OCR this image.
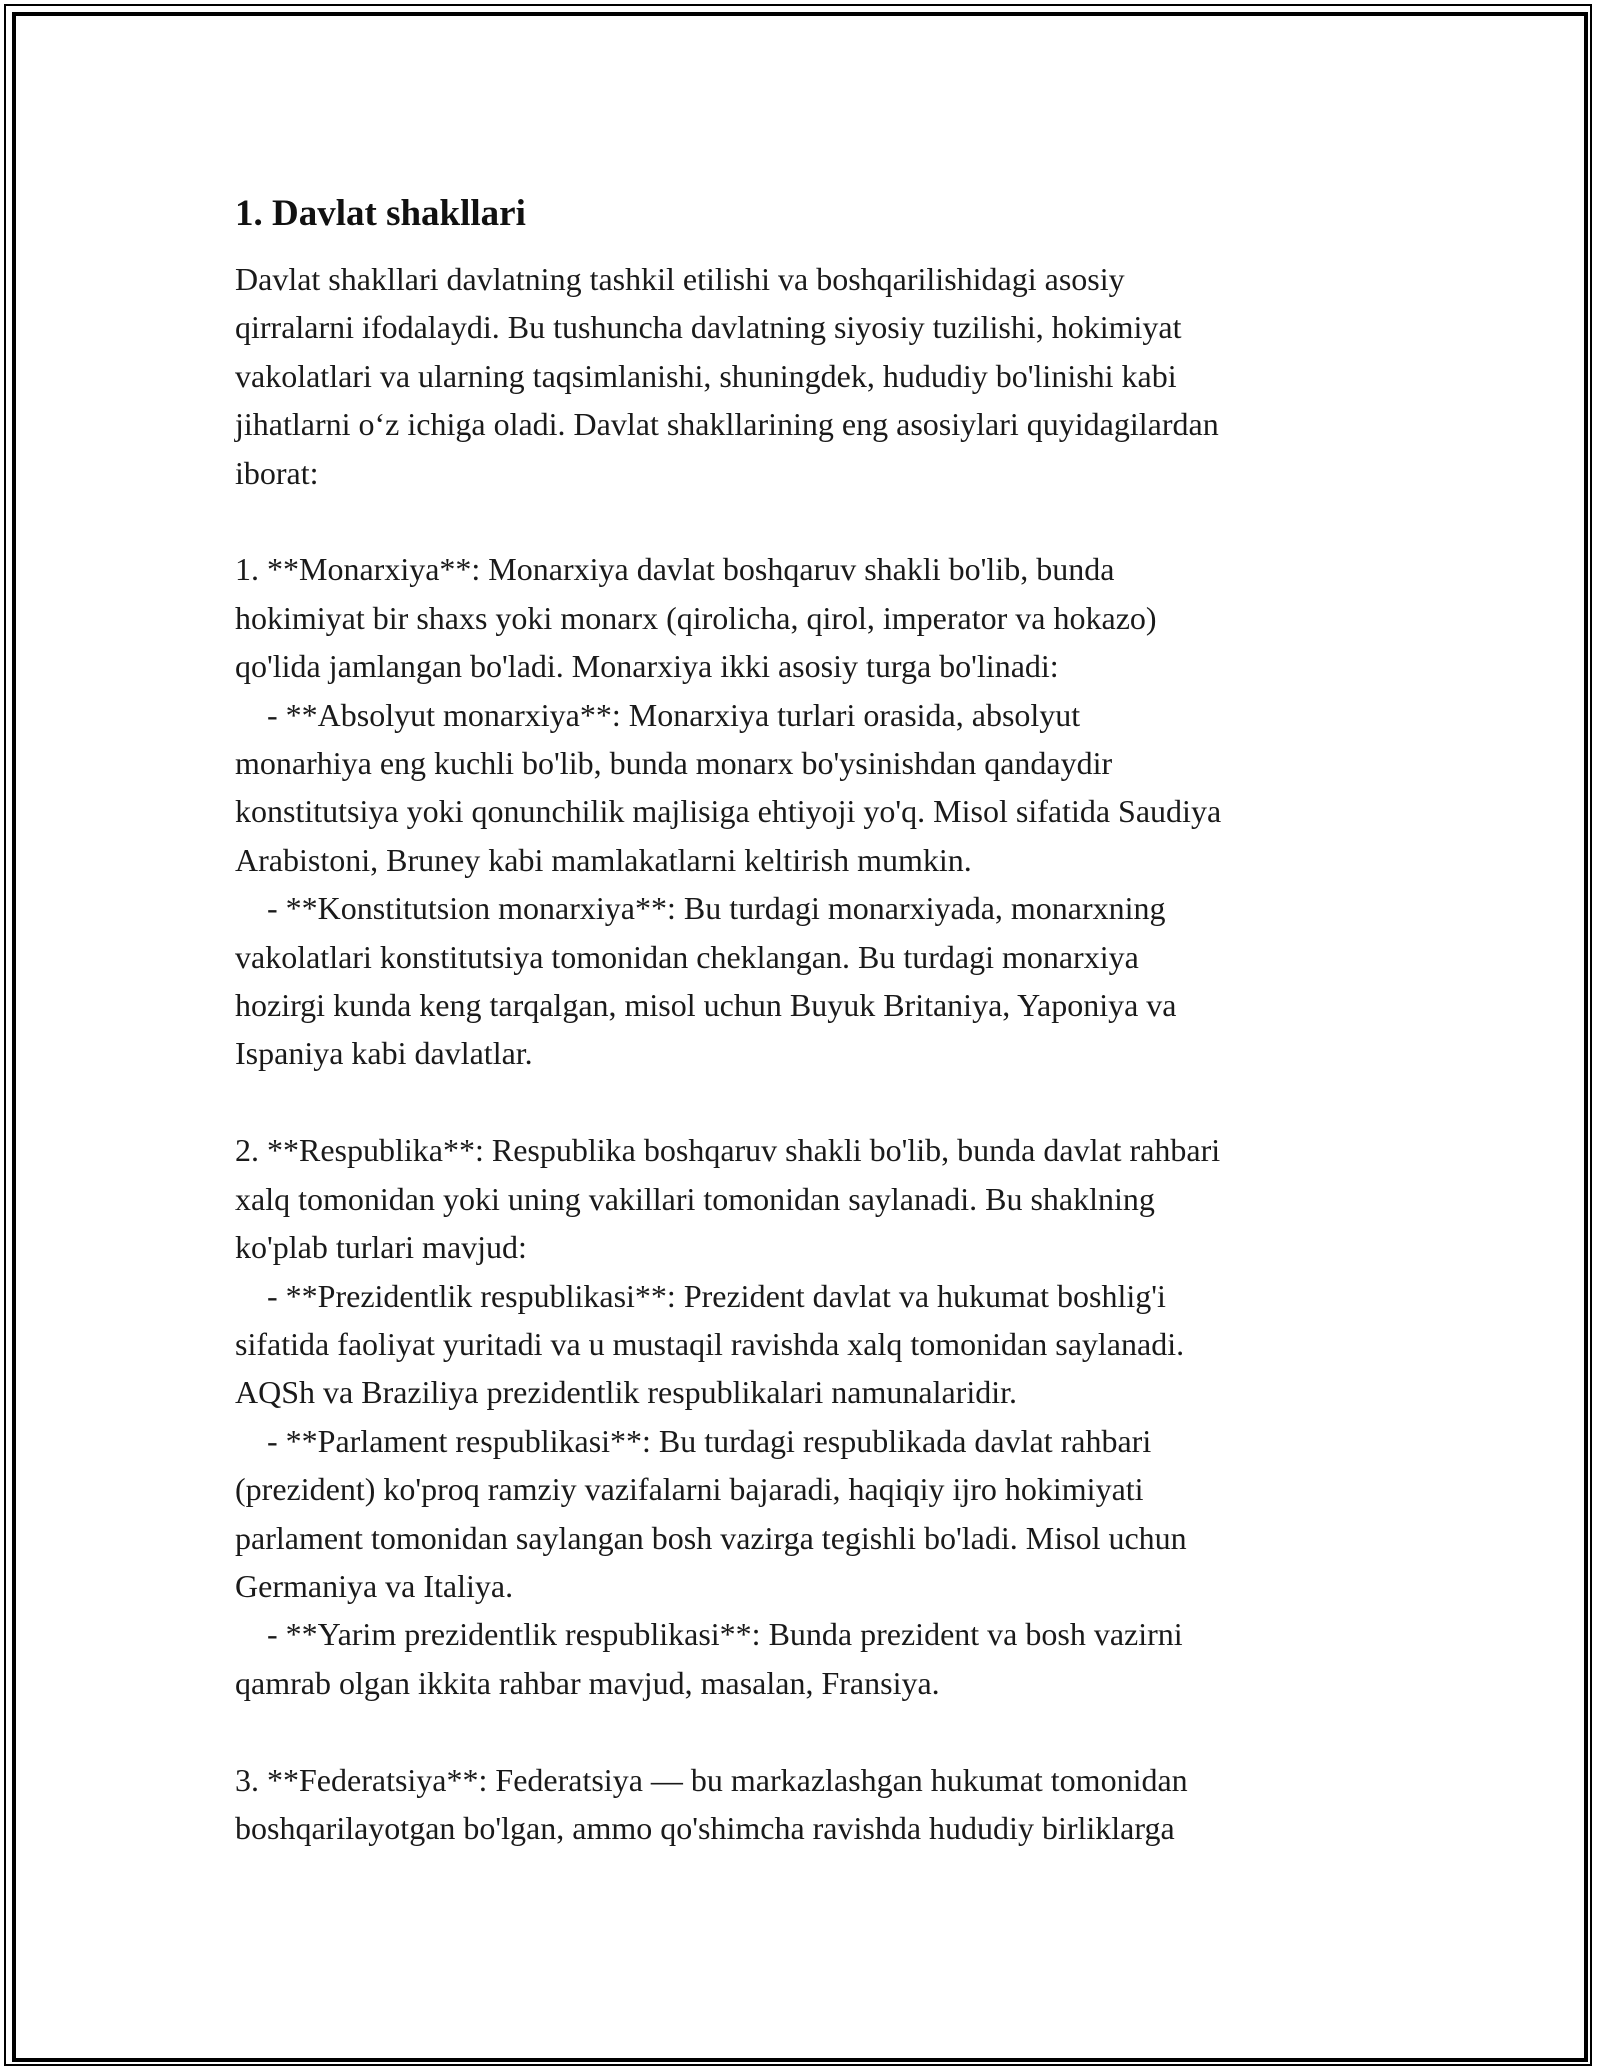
1. Davlat shakllari
Davlat shakllari davlatning tashkil etilishi va boshqarilishidagi asosiy
qirralarni ifodalaydi. Bu tushuncha davlatning siyosiy tuzilishi, hokimiyat
vakolatlari va ularning taqsimlanishi, shuningdek, hududiy bo'linishi kabi
jihatlarni o‘z ichiga oladi. Davlat shakllarining eng asosiylari quyidagilardan
iborat:
1. **Monarxiya**: Monarxiya davlat boshqaruv shakli bo'lib, bunda
hokimiyat bir shaxs yoki monarx (qirolicha, qirol, imperator va hokazo)
qo'lida jamlangan bo'ladi. Monarxiya ikki asosiy turga bo'linadi:
- **Absolyut monarxiya**: Monarxiya turlari orasida, absolyut
monarhiya eng kuchli bo'lib, bunda monarx bo'ysinishdan qandaydir
konstitutsiya yoki qonunchilik majlisiga ehtiyoji yo'q. Misol sifatida Saudiya
Arabistoni, Bruney kabi mamlakatlarni keltirish mumkin.
- **Konstitutsion monarxiya**: Bu turdagi monarxiyada, monarxning
vakolatlari konstitutsiya tomonidan cheklangan. Bu turdagi monarxiya
hozirgi kunda keng tarqalgan, misol uchun Buyuk Britaniya, Yaponiya va
Ispaniya kabi davlatlar.
2. **Respublika**: Respublika boshqaruv shakli bo'lib, bunda davlat rahbari
xalq tomonidan yoki uning vakillari tomonidan saylanadi. Bu shaklning
ko'plab turlari mavjud:
- **Prezidentlik respublikasi**: Prezident davlat va hukumat boshlig'i
sifatida faoliyat yuritadi va u mustaqil ravishda xalq tomonidan saylanadi.
AQSh va Braziliya prezidentlik respublikalari namunalaridir.
- **Parlament respublikasi**: Bu turdagi respublikada davlat rahbari
(prezident) ko'proq ramziy vazifalarni bajaradi, haqiqiy ijro hokimiyati
parlament tomonidan saylangan bosh vazirga tegishli bo'ladi. Misol uchun
Germaniya va Italiya.
- **Yarim prezidentlik respublikasi**: Bunda prezident va bosh vazirni
qamrab olgan ikkita rahbar mavjud, masalan, Fransiya.
3. **Federatsiya**: Federatsiya — bu markazlashgan hukumat tomonidan
boshqarilayotgan bo'lgan, ammo qo'shimcha ravishda hududiy birliklarga
